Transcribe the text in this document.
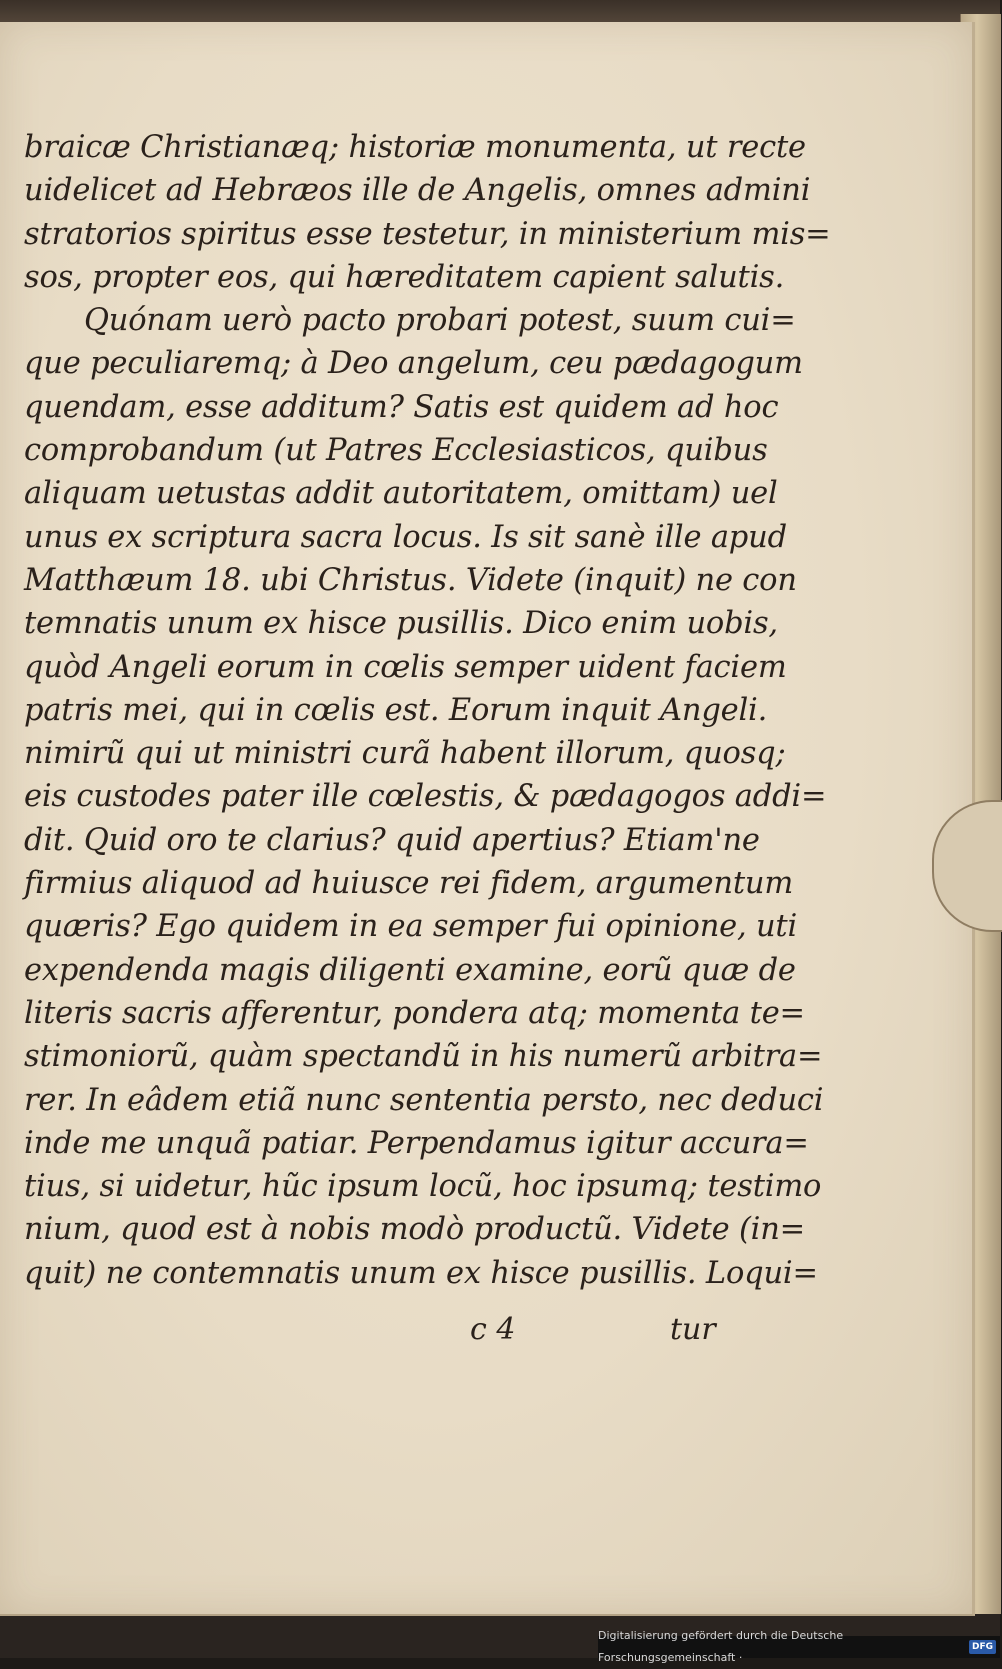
braicæ Christianæq; historiæ monumenta, ut recte
uidelicet ad Hebræos ille de Angelis, omnes admini
stratorios spiritus esse testetur, in ministerium mis=
sos, propter eos, qui hæreditatem capient salutis.
Quónam uerò pacto probari potest, suum cui=
que peculiaremq; à Deo angelum, ceu pædagogum
quendam, esse additum? Satis est quidem ad hoc
comprobandum (ut Patres Ecclesiasticos, quibus
aliquam uetustas addit autoritatem, omittam) uel
unus ex scriptura sacra locus. Is sit sanè ille apud
Matthæum 18. ubi Christus. Videte (inquit) ne con
temnatis unum ex hisce pusillis. Dico enim uobis,
quòd Angeli eorum in cœlis semper uident faciem
patris mei, qui in cœlis est. Eorum inquit Angeli.
nimirũ qui ut ministri curã habent illorum, quosq;
eis custodes pater ille cœlestis, & pædagogos addi=
dit. Quid oro te clarius? quid apertius? Etiam'ne
firmius aliquod ad huiusce rei fidem, argumentum
quæris? Ego quidem in ea semper fui opinione, uti
expendenda magis diligenti examine, eorũ quæ de
literis sacris afferentur, pondera atq; momenta te=
stimoniorũ, quàm spectandũ in his numerũ arbitra=
rer. In eâdem etiã nunc sententia persto, nec deduci
inde me unquã patiar. Perpendamus igitur accura=
tius, si uidetur, hũc ipsum locũ, hoc ipsumq; testimo
nium, quod est à nobis modò productũ. Videte (in=
quit) ne contemnatis unum ex hisce pusillis. Loqui=
c 4	tur
Digitalisierung gefördert durch die Deutsche Forschungsgemeinschaft ·
DFG
